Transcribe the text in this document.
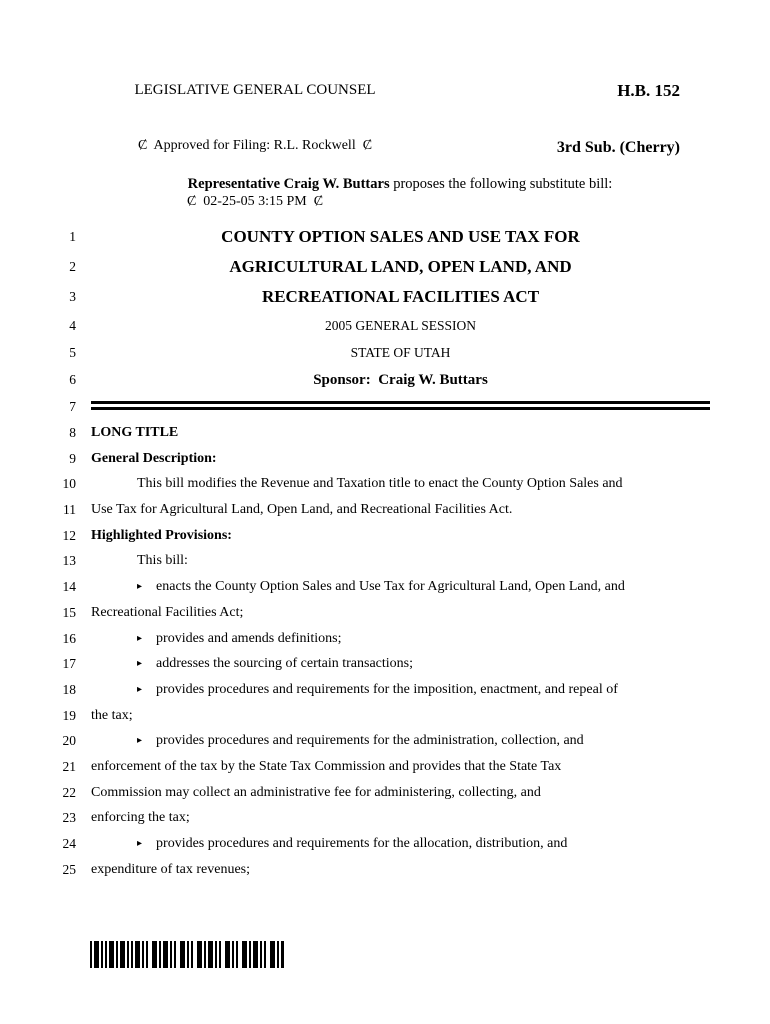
LEGISLATIVE GENERAL COUNSEL

Ȼ  Approved for Filing: R.L. Rockwell  Ȼ

Ȼ  02-25-05 3:15 PM  Ȼ

H.B. 152

3rd Sub. (Cherry)

Representative Craig W. Buttars proposes the following substitute bill:
1	COUNTY OPTION SALES AND USE TAX FOR
2	AGRICULTURAL LAND, OPEN LAND, AND
3	RECREATIONAL FACILITIES ACT
4	2005 GENERAL SESSION
5	STATE OF UTAH
6	Sponsor:  Craig W. Buttars
7
8 LONG TITLE
9 General Description:
10	This bill modifies the Revenue and Taxation title to enact the County Option Sales and
11 Use Tax for Agricultural Land, Open Land, and Recreational Facilities Act.
12 Highlighted Provisions:
13	This bill:
14	▸ enacts the County Option Sales and Use Tax for Agricultural Land, Open Land, and
15 Recreational Facilities Act;
16	▸ provides and amends definitions;
17	▸ addresses the sourcing of certain transactions;
18	▸ provides procedures and requirements for the imposition, enactment, and repeal of
19 the tax;
20	▸ provides procedures and requirements for the administration, collection, and
21 enforcement of the tax by the State Tax Commission and provides that the State Tax
22 Commission may collect an administrative fee for administering, collecting, and
23 enforcing the tax;
24	▸ provides procedures and requirements for the allocation, distribution, and
25 expenditure of tax revenues;
